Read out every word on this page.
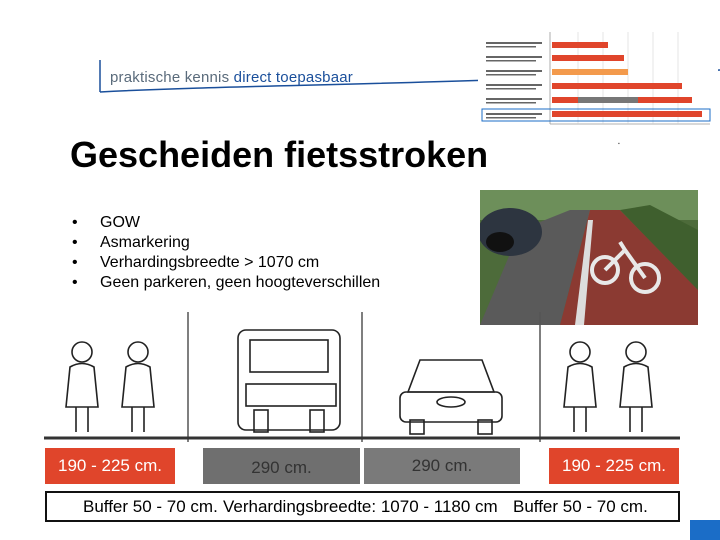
praktische kennis direct toepasbaar
▪
Gescheiden fietsstroken
• GOW
• Asmarkering
• Verhardingsbreedte > 1070 cm
• Geen parkeren, geen hoogteverschillen
190 - 225 cm.	290 cm.	290 cm.	190 - 225 cm.
Buffer 50 - 70 cm. Verhardingsbreedte: 1070 - 1180 cm Buffer 50 - 70 cm.
